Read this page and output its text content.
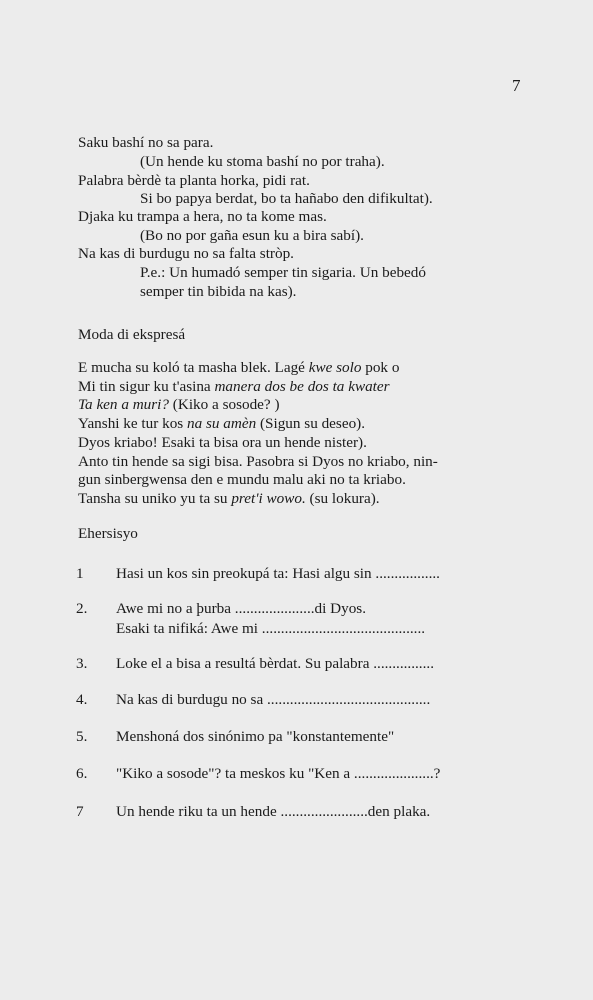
7
Saku bashí no sa para.
(Un hende ku stoma bashí no por traha).
Palabra bèrdè ta planta horka, pidi rat.
Si bo papya berdat, bo ta hañabo den difikultat).
Djaka ku trampa a hera, no ta kome mas.
(Bo no por gaña esun ku a bira sabí).
Na kas di burdugu no sa falta stròp.
P.e.: Un humadó semper tin sigaria. Un bebedó
semper tin bibida na kas).
Moda di ekspresá
E mucha su koló ta masha blek. Lagé kwe solo pok o
Mi tin sigur ku t'asina manera dos be dos ta kwater
Ta ken a muri? (Kiko a sosode? )
Yanshi ke tur kos na su amèn (Sigun su deseo).
Dyos kriabo! Esaki ta bisa ora un hende nister).
Anto tin hende sa sigi bisa. Pasobra si Dyos no kriabo, nin-
gun sinbergwensa den e mundu malu aki no ta kriabo.
Tansha su uniko yu ta su pret'i wowo. (su lokura).
Ehersisyo
1 Hasi un kos sin preokupá ta: Hasi algu sin .................
2. Awe mi no a þurba .....................di Dyos.
Esaki ta nifiká: Awe mi ...........................................
3. Loke el a bisa a resultá bèrdat. Su palabra ................
4. Na kas di burdugu no sa ...........................................
5. Menshoná dos sinónimo pa "konstantemente"
6. "Kiko a sosode"? ta meskos ku "Ken a .....................?
7 Un hende riku ta un hende .......................den plaka.
